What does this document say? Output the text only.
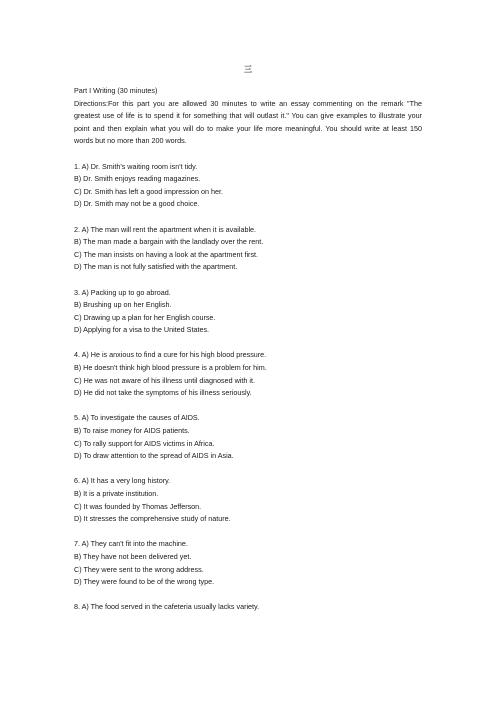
三

Part I Writing (30 minutes)

Directions:For this part you are allowed 30 minutes to write an essay commenting on the remark "The greatest use of life is to spend it for something that will outlast it." You can give examples to illustrate your point and then explain what you will do to make your life more meaningful. You should write at least 150 words but no more than 200 words.

1. A) Dr. Smith's waiting room isn't tidy.

B) Dr. Smith enjoys reading magazines.

C) Dr. Smith has left a good impression on her.

D) Dr. Smith may not be a good choice.

2. A) The man will rent the apartment when it is available.

B) The man made a bargain with the landlady over the rent.

C) The man insists on having a look at the apartment first.

D) The man is not fully satisfied with the apartment.

3. A) Packing up to go abroad.

B) Brushing up on her English.

C) Drawing up a plan for her English course.

D) Applying for a visa to the United States.

4. A) He is anxious to find a cure for his high blood pressure.

B) He doesn't think high blood pressure is a problem for him.

C) He was not aware of his illness until diagnosed with it.

D) He did not take the symptoms of his illness seriously.

5. A) To investigate the causes of AIDS.

B) To raise money for AIDS patients.

C) To rally support for AIDS victims in Africa.

D) To draw attention to the spread of AIDS in Asia.

6. A) It has a very long history.

B) It is a private institution.

C) It was founded by Thomas Jefferson.

D) It stresses the comprehensive study of nature.

7. A) They can't fit into the machine.

B) They have not been delivered yet.

C) They were sent to the wrong address.

D) They were found to be of the wrong type.

8. A) The food served in the cafeteria usually lacks variety.
